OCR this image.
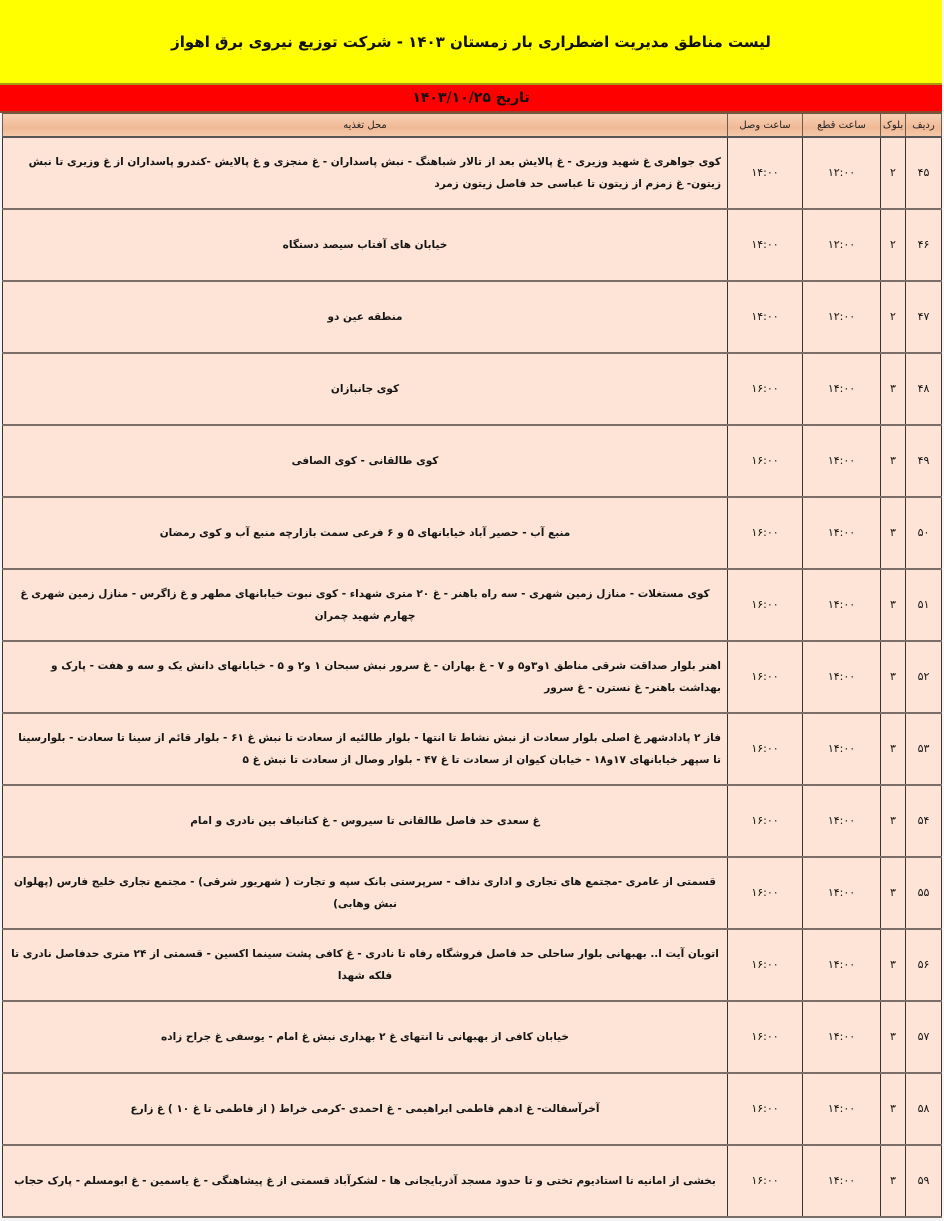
لیست مناطق مدیریت اضطراری بار زمستان ۱۴۰۳ - شرکت توزیع نیروی برق اهواز
تاریخ ۱۴۰۳/۱۰/۲۵
ردیف	بلوک	ساعت قطع	ساعت وصل	محل تغذیه
۴۵	۲	۱۲:۰۰	۱۴:۰۰	کوی جواهری غ شهید وزیری - غ پالایش بعد از تالار شباهنگ - نبش پاسداران - غ منجزی و غ پالایش -کندرو پاسداران از غ وزیری تا نبش زیتون- غ زمزم از زیتون تا عباسی حد فاصل زیتون زمرد
۴۶	۲	۱۲:۰۰	۱۴:۰۰	خیابان های آفتاب سیصد دستگاه
۴۷	۲	۱۲:۰۰	۱۴:۰۰	منطقه عین دو
۴۸	۳	۱۴:۰۰	۱۶:۰۰	کوی جانبازان
۴۹	۳	۱۴:۰۰	۱۶:۰۰	کوی طالقانی - کوی الصافی
۵۰	۳	۱۴:۰۰	۱۶:۰۰	منبع آب - حصیر آباد خیابانهای ۵ و ۶ فرعی سمت بازارچه منبع آب و کوی رمضان
۵۱	۳	۱۴:۰۰	۱۶:۰۰	کوی مستغلات - منازل زمین شهری - سه راه باهنر - غ ۲۰ متری شهداء - کوی نبوت خیابانهای مطهر و غ زاگرس - منازل زمین شهری غ چهارم شهید چمران
۵۲	۳	۱۴:۰۰	۱۶:۰۰	اهنر بلوار صداقت شرقی مناطق ۱و۳و۵ و ۷ - غ بهاران - غ سرور نبش سبحان ۱ و۲ و ۵ - خیابانهای دانش یک و سه و هفت - پارک و بهداشت باهنر- غ نسترن - غ سرور
۵۳	۳	۱۴:۰۰	۱۶:۰۰	فاز ۲ پادادشهر غ اصلی بلوار سعادت از نبش نشاط تا انتها - بلوار طالئیه از سعادت تا نبش غ ۶۱ - بلوار قائم از سینا تا سعادت - بلوارسینا تا سپهر خیابانهای ۱۷و۱۸ - خیابان کیوان از سعادت تا غ ۴۷ - بلوار وصال از سعادت تا نبش غ ۵
۵۴	۳	۱۴:۰۰	۱۶:۰۰	غ سعدی حد فاصل طالقانی تا سیروس - غ کتانباف بین نادری و امام
۵۵	۳	۱۴:۰۰	۱۶:۰۰	قسمتی از عامری -مجتمع های تجاری و اداری نداف - سرپرستی بانک سپه و تجارت ( شهریور شرقی) - مجتمع تجاری خلیج فارس (پهلوان نبش وهابی)
۵۶	۳	۱۴:۰۰	۱۶:۰۰	اتوبان آیت ا.. بهبهانی بلوار ساحلی حد فاصل فروشگاه رفاه تا نادری - غ کافی پشت سینما اکسین - قسمتی از ۲۴ متری حدفاصل نادری تا فلکه شهدا
۵۷	۳	۱۴:۰۰	۱۶:۰۰	خیابان کافی از بهبهانی تا انتهای غ ۲ بهداری نبش غ امام - یوسفی غ جراح زاده
۵۸	۳	۱۴:۰۰	۱۶:۰۰	آخرآسفالت- غ ادهم فاطمی ابراهیمی - غ احمدی -کرمی خراط ( از فاطمی تا غ ۱۰ ) غ زارع
۵۹	۳	۱۴:۰۰	۱۶:۰۰	بخشی از امانیه تا استادیوم تختی و تا حدود مسجد آذربایجانی ها - لشکرآباد قسمتی از غ پیشاهنگی - غ یاسمین - غ ابومسلم - پارک حجاب
